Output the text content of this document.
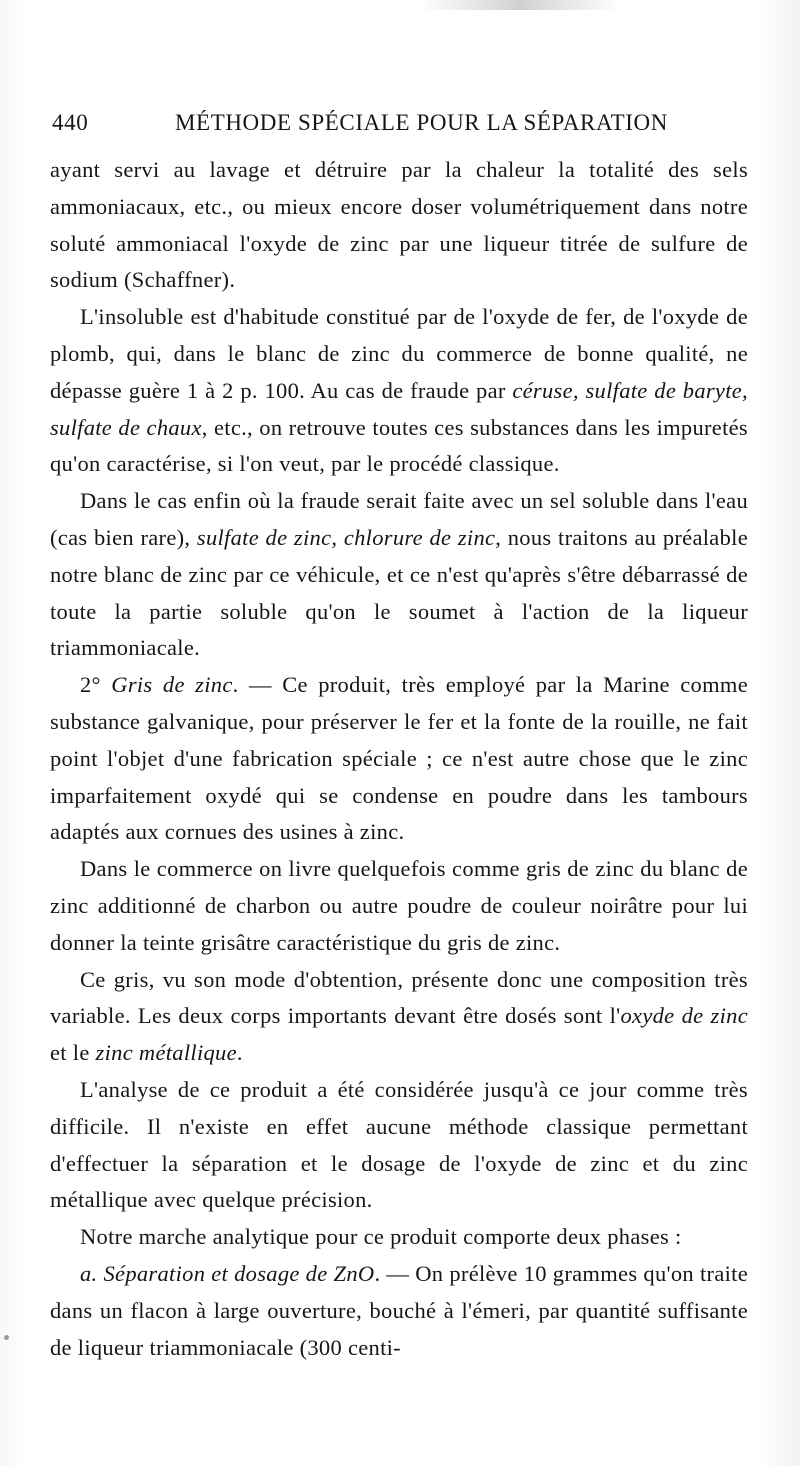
440	MÉTHODE SPÉCIALE POUR LA SÉPARATION

ayant servi au lavage et détruire par la chaleur la totalité des sels ammoniacaux, etc., ou mieux encore doser volumétriquement dans notre soluté ammoniacal l'oxyde de zinc par une liqueur titrée de sulfure de sodium (Schaffner).

L'insoluble est d'habitude constitué par de l'oxyde de fer, de l'oxyde de plomb, qui, dans le blanc de zinc du commerce de bonne qualité, ne dépasse guère 1 à 2 p. 100. Au cas de fraude par céruse, sulfate de baryte, sulfate de chaux, etc., on retrouve toutes ces substances dans les impuretés qu'on caractérise, si l'on veut, par le procédé classique.

Dans le cas enfin où la fraude serait faite avec un sel soluble dans l'eau (cas bien rare), sulfate de zinc, chlorure de zinc, nous traitons au préalable notre blanc de zinc par ce véhicule, et ce n'est qu'après s'être débarrassé de toute la partie soluble qu'on le soumet à l'action de la liqueur triammoniacale.

2° Gris de zinc. — Ce produit, très employé par la Marine comme substance galvanique, pour préserver le fer et la fonte de la rouille, ne fait point l'objet d'une fabrication spéciale ; ce n'est autre chose que le zinc imparfaitement oxydé qui se condense en poudre dans les tambours adaptés aux cornues des usines à zinc.

Dans le commerce on livre quelquefois comme gris de zinc du blanc de zinc additionné de charbon ou autre poudre de couleur noirâtre pour lui donner la teinte grisâtre caractéristique du gris de zinc.

Ce gris, vu son mode d'obtention, présente donc une composition très variable. Les deux corps importants devant être dosés sont l'oxyde de zinc et le zinc métallique.

L'analyse de ce produit a été considérée jusqu'à ce jour comme très difficile. Il n'existe en effet aucune méthode classique permettant d'effectuer la séparation et le dosage de l'oxyde de zinc et du zinc métallique avec quelque précision.

Notre marche analytique pour ce produit comporte deux phases :

a. Séparation et dosage de ZnO. — On prélève 10 grammes qu'on traite dans un flacon à large ouverture, bouché à l'émeri, par quantité suffisante de liqueur triammoniacale (300 centi-
